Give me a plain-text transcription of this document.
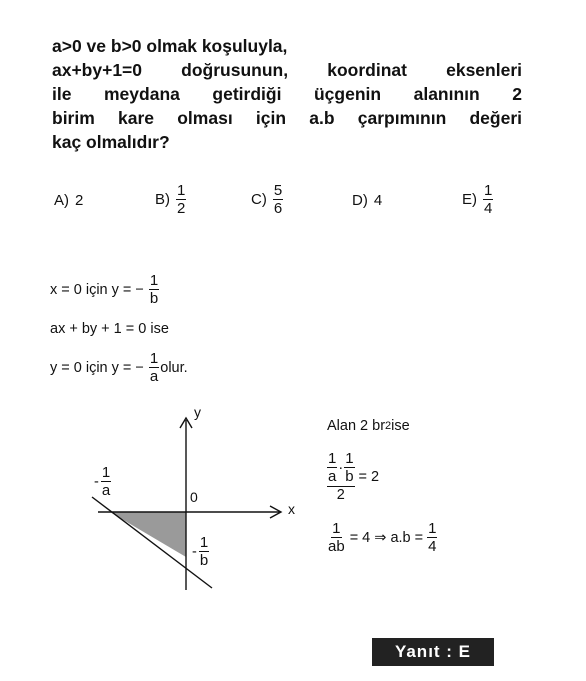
a>0 ve b>0 olmak koşuluyla,

ax+by+1=0 doğrusunun, koordinat eksenleri

ile meydana getirdiği üçgenin alanının 2

birim kare olması için a.b çarpımının değeri

kaç olmalıdır?

A) 2	$B) \frac{1}{2}$	$C) \frac{5}{6}$	D) 4	$E) \frac{1}{4}$
x = 0 için y = − $\frac{1}{b}$
ax + by + 1 = 0 ise
y = 0 için y = − $\frac{1}{a}$ olur.
y
x
0
- $\frac{1}{a}$
- $\frac{1}{b}$
Alan 2 br 2 ise
$\frac{\frac{1}{a} \cdot \frac{1}{b}}{2} = 2$
$\frac{1}{ab} = 4$ ⇒ $a.b = \frac{1}{4}$
Yanıt : E
